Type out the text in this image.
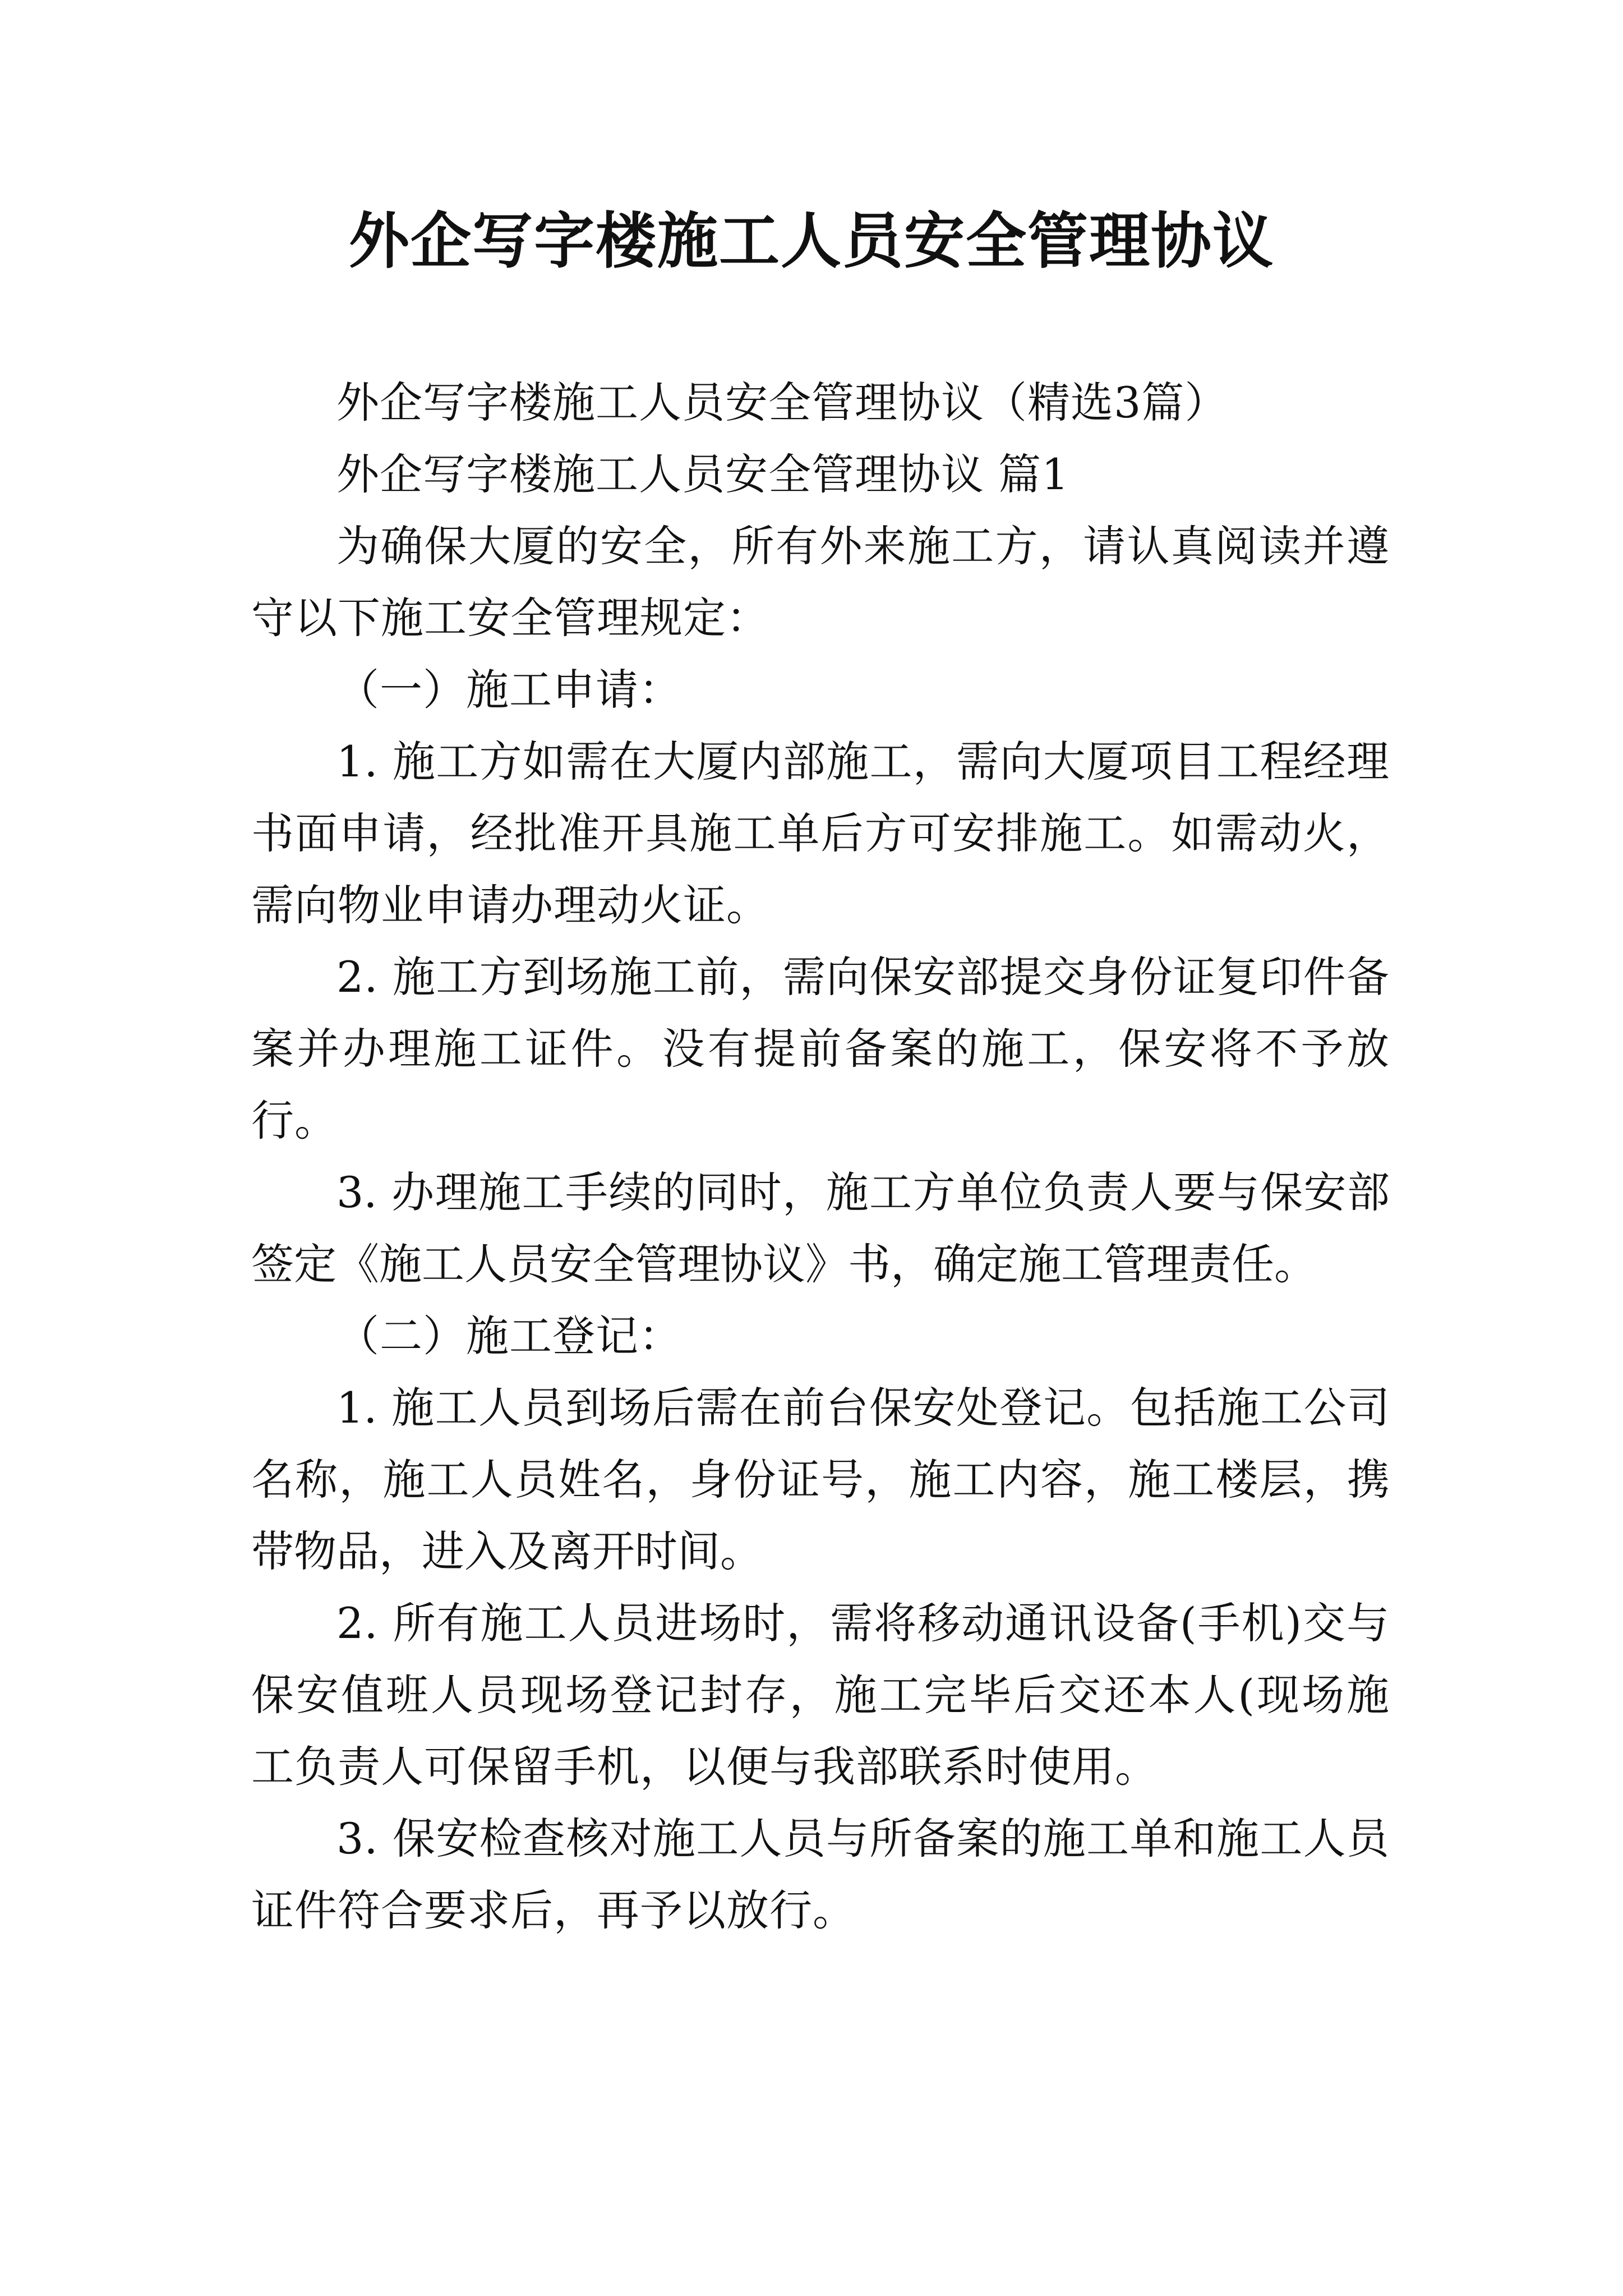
外企写字楼施工人员安全管理协议

外企写字楼施工人员安全管理协议（精选3篇）

外企写字楼施工人员安全管理协议 篇1

为确保大厦的安全，所有外来施工方，请认真阅读并遵守以下施工安全管理规定：

（一）施工申请：

1. 施工方如需在大厦内部施工，需向大厦项目工程经理书面申请，经批准开具施工单后方可安排施工。如需动火，需向物业申请办理动火证。

2. 施工方到场施工前，需向保安部提交身份证复印件备案并办理施工证件。没有提前备案的施工，保安将不予放行。

3. 办理施工手续的同时，施工方单位负责人要与保安部签定《施工人员安全管理协议》书，确定施工管理责任。

（二）施工登记：

1. 施工人员到场后需在前台保安处登记。包括施工公司名称，施工人员姓名，身份证号，施工内容，施工楼层，携带物品，进入及离开时间。

2. 所有施工人员进场时，需将移动通讯设备(手机)交与保安值班人员现场登记封存，施工完毕后交还本人(现场施工负责人可保留手机，以便与我部联系时使用。

3. 保安检查核对施工人员与所备案的施工单和施工人员证件符合要求后，再予以放行。
